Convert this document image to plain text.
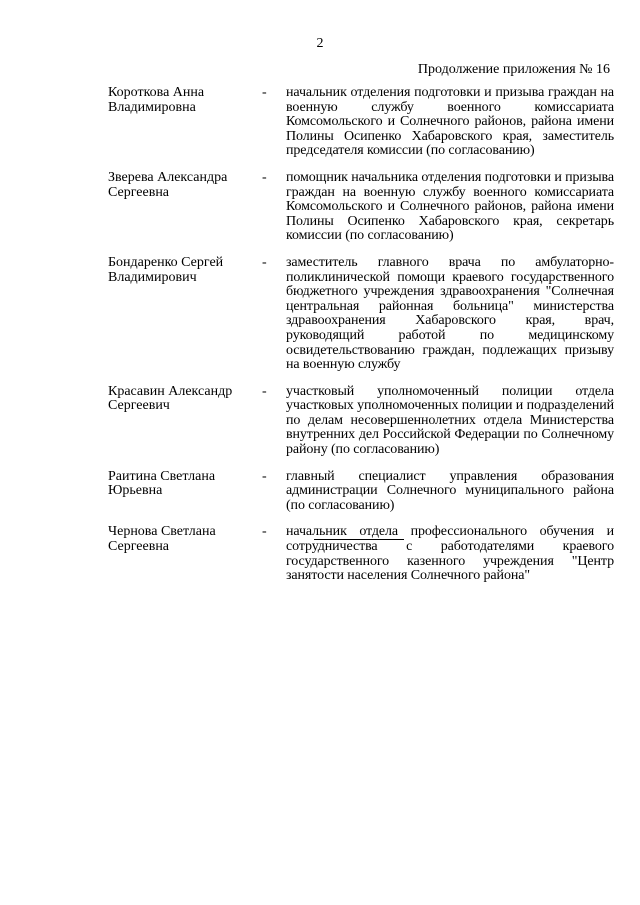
2
Продолжение приложения № 16
Короткова Анна Владимировна
-	начальник отделения подготовки и призыва граждан на военную службу военного комиссариата Комсомольского и Солнечного районов, района имени Полины Осипенко Хабаровского края, заместитель председателя комиссии (по согласованию)
Зверева Александра Сергеевна
-	помощник начальника отделения подготовки и призыва граждан на военную службу военного комиссариата Комсомольского и Солнечного районов, района имени Полины Осипенко Хабаровского края, секретарь комиссии (по согласованию)
Бондаренко Сергей Владимирович
-	заместитель главного врача по амбулаторно-поликлинической помощи краевого государственного бюджетного учреждения здравоохранения "Солнечная центральная районная больница" министерства здравоохранения Хабаровского края, врач, руководящий работой по медицинскому освидетельствованию граждан, подлежащих призыву на военную службу
Красавин Александр Сергеевич
-	участковый уполномоченный полиции отдела участковых уполномоченных полиции и подразделений по делам несовершеннолетних отдела Министерства внутренних дел Российской Федерации по Солнечному району (по согласованию)
Раитина Светлана Юрьевна
-	главный специалист управления образования администрации Солнечного муниципального района (по согласованию)
Чернова Светлана Сергеевна
-	начальник отдела профессионального обучения и сотрудничества с работодателями краевого государственного казенного учреждения "Центр занятости населения Солнечного района"
